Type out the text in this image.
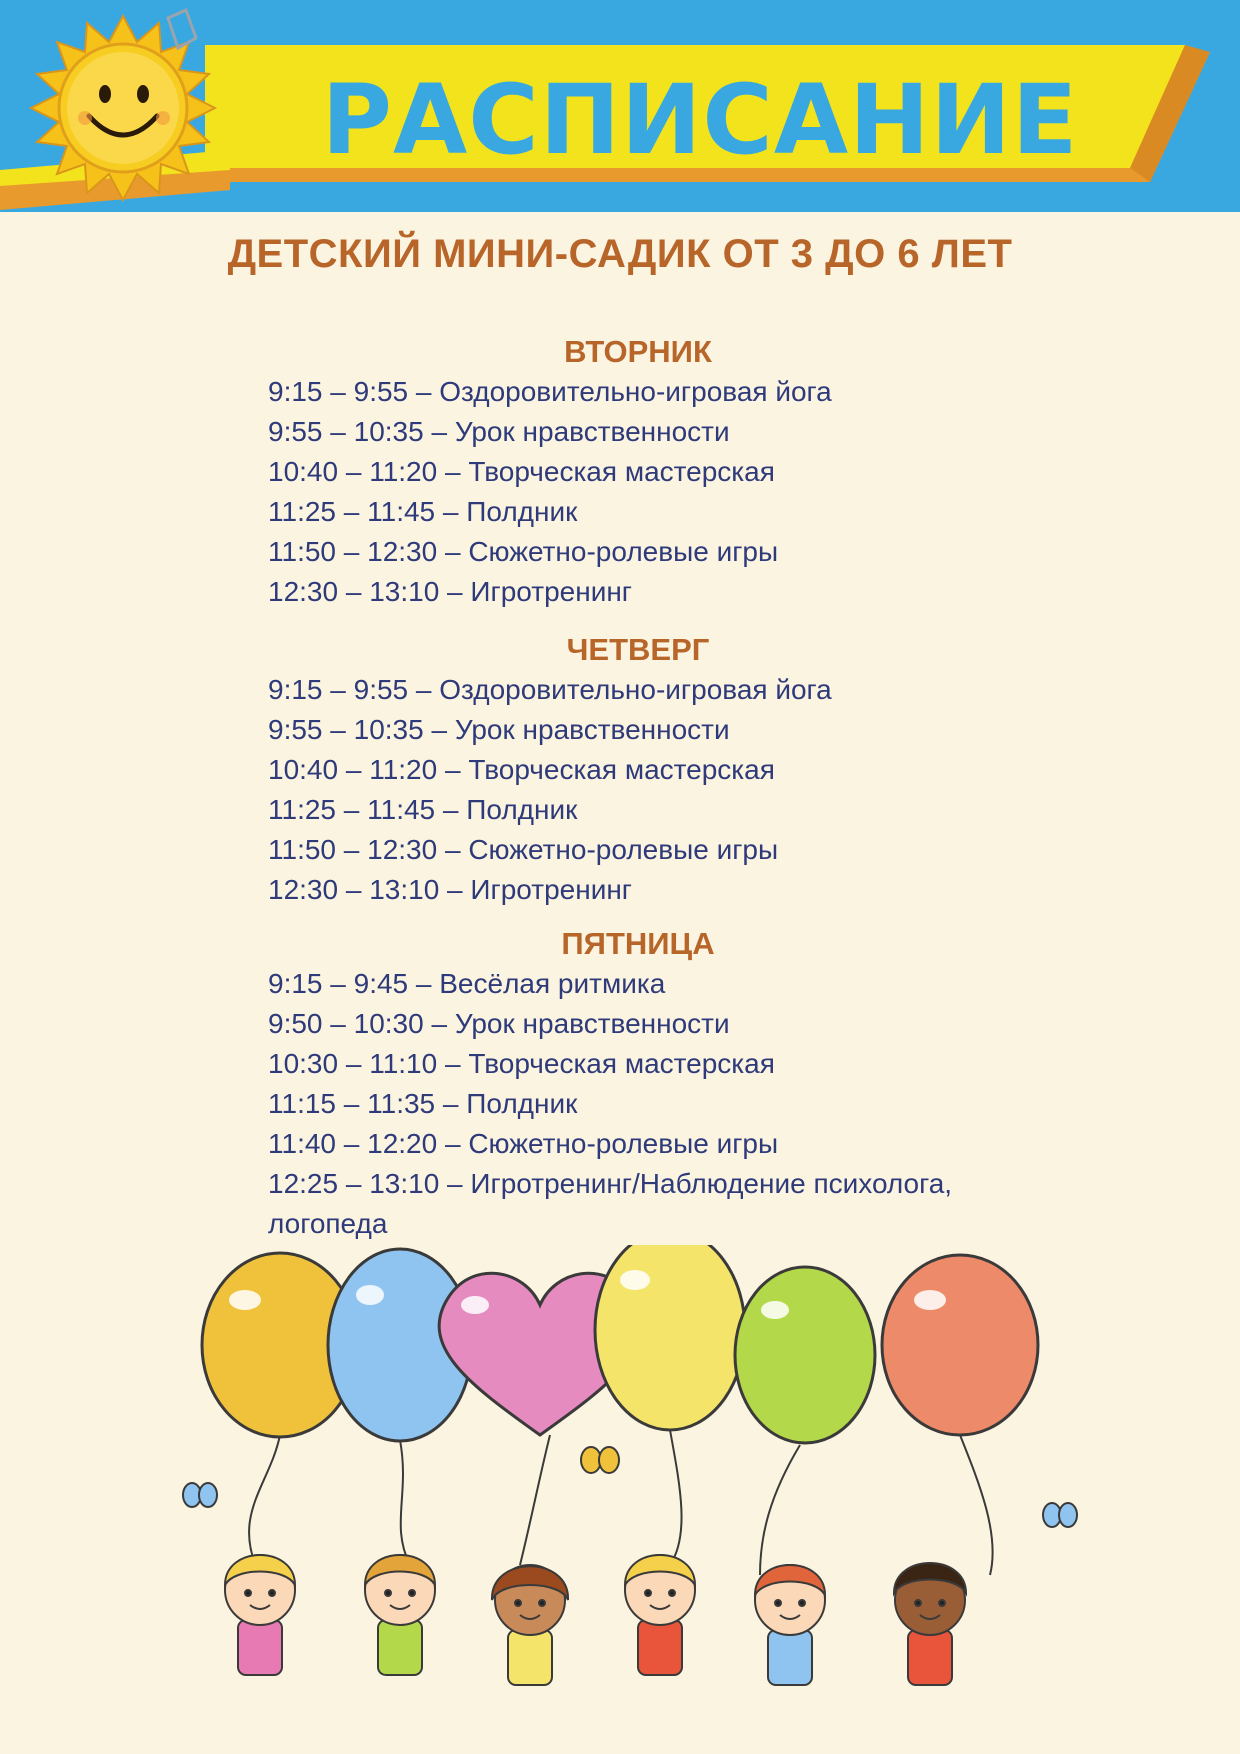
РАСПИСАНИЕ
ДЕТСКИЙ МИНИ-САДИК ОТ 3 ДО 6 ЛЕТ
ВТОРНИК
9:15 – 9:55 – Оздоровительно-игровая йога
9:55 – 10:35 – Урок нравственности
10:40 – 11:20 – Творческая мастерская
11:25 – 11:45 – Полдник
11:50 – 12:30 – Сюжетно-ролевые игры
12:30 – 13:10 – Игротренинг
ЧЕТВЕРГ
9:15 – 9:55 – Оздоровительно-игровая йога
9:55 – 10:35 – Урок нравственности
10:40 – 11:20 – Творческая мастерская
11:25 – 11:45 – Полдник
11:50 – 12:30 – Сюжетно-ролевые игры
12:30 – 13:10 – Игротренинг
ПЯТНИЦА
9:15 – 9:45 – Весёлая ритмика
9:50 – 10:30 – Урок нравственности
10:30 – 11:10 – Творческая мастерская
11:15 – 11:35 – Полдник
11:40 – 12:20 – Сюжетно-ролевые игры
12:25 – 13:10 – Игротренинг/Наблюдение психолога, логопеда
